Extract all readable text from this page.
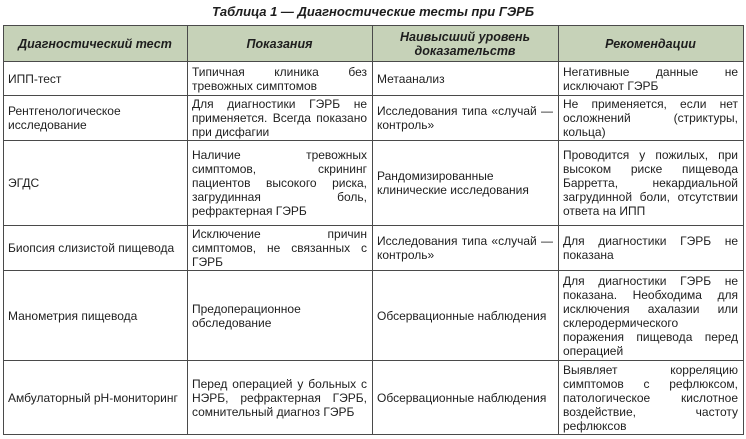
Таблица 1 — Диагностические тесты при ГЭРБ
Диагностический тест	Показания	Наивысший уровень доказательств	Рекомендации
ИПП-тест	Типичная клиника без тревожных симптомов	Метаанализ	Негативные данные не исключают ГЭРБ
Рентгенологическое исследование	Для диагностики ГЭРБ не применяется. Всегда показано при дисфагии	Исследования типа «случай — контроль»	Не применяется, если нет осложнений (стриктуры, кольца)
ЭГДС	Наличие тревожных симптомов, скрининг пациентов высокого риска, загрудинная боль, рефрактерная ГЭРБ	Рандомизированные клинические исследования	Проводится у пожилых, при высоком риске пищевода Барретта, некардиальной загрудинной боли, отсутствии ответа на ИПП
Биопсия слизистой пищевода	Исключение причин симптомов, не связанных с ГЭРБ	Исследования типа «случай — контроль»	Для диагностики ГЭРБ не показана
Манометрия пищевода	Предоперационное обследование	Обсервационные наблюдения	Для диагностики ГЭРБ не показана. Необходима для исключения ахалазии или склеродермического поражения пищевода перед операцией
Амбулаторный pH-мониторинг	Перед операцией у больных с НЭРБ, рефрактерная ГЭРБ, сомнительный диагноз ГЭРБ	Обсервационные наблюдения	Выявляет корреляцию симптомов с рефлюксом, патологическое кислотное воздействие, частоту рефлюксов
